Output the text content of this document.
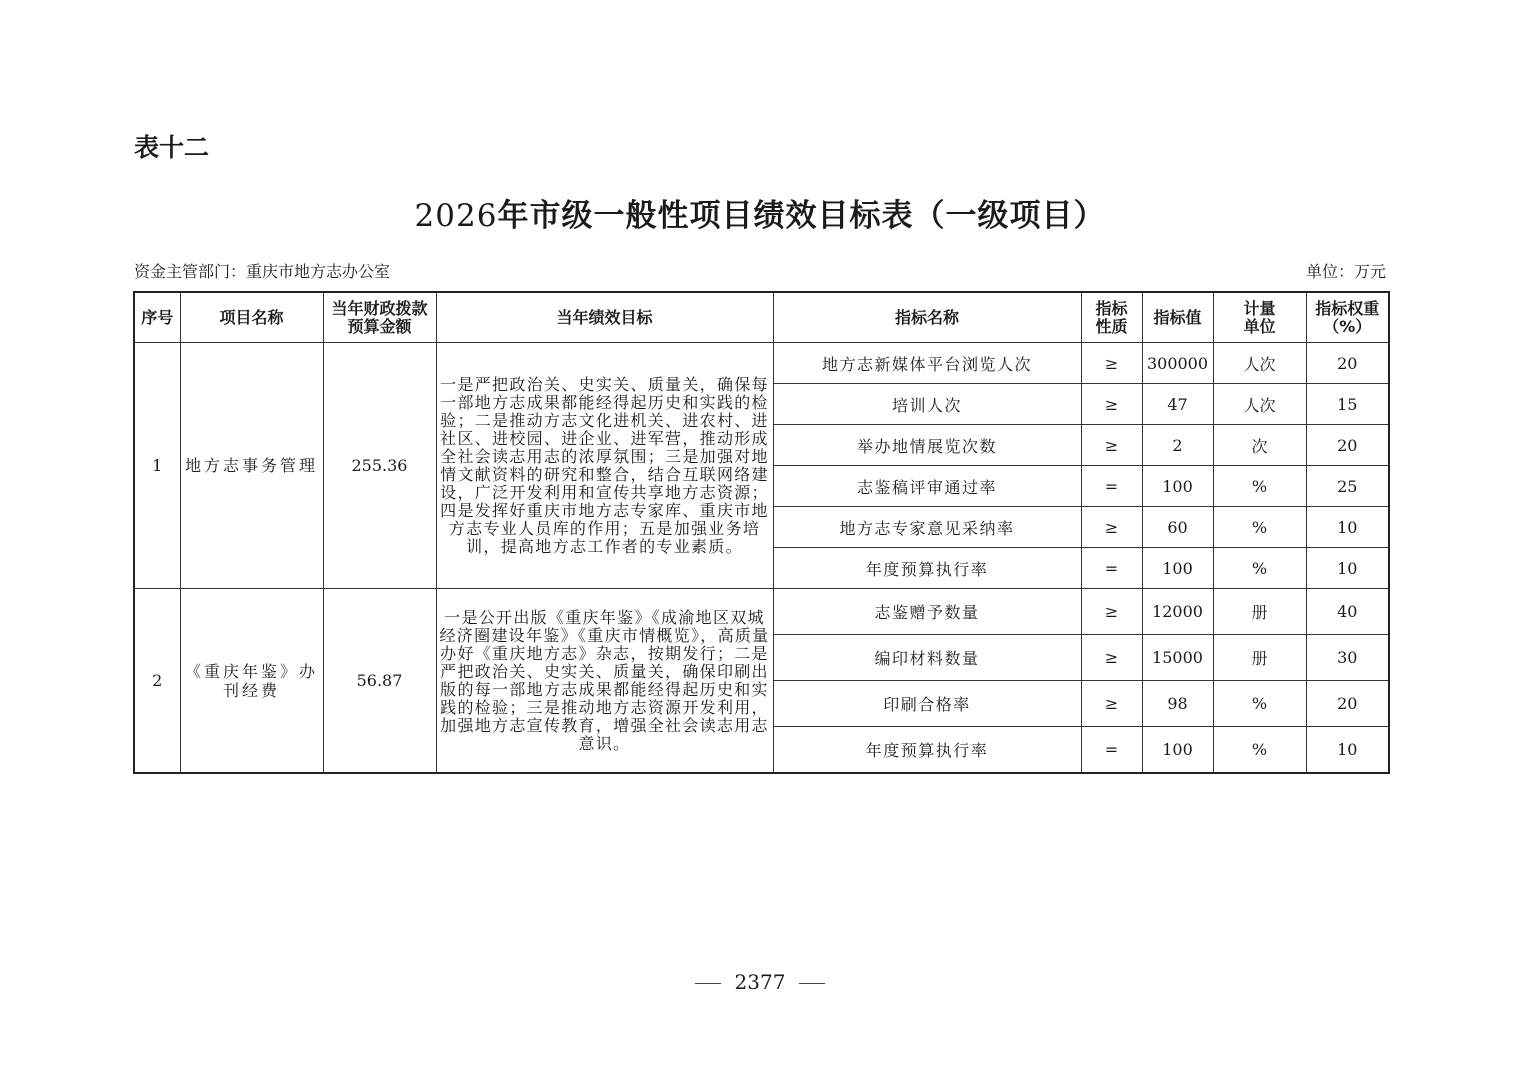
表十二
2026年市级一般性项目绩效目标表（一级项目）
资金主管部门：重庆市地方志办公室	单位：万元
序号	项目名称	当年财政拨款预算金额	当年绩效目标	指标名称	指标性质	指标值	计量单位	指标权重（%）
1	地方志事务管理	255.36	一是严把政治关、史实关、质量关，确保每一部地方志成果都能经得起历史和实践的检验；二是推动方志文化进机关、进农村、进社区、进校园、进企业、进军营，推动形成全社会读志用志的浓厚氛围；三是加强对地情文献资料的研究和整合，结合互联网络建设，广泛开发利用和宣传共享地方志资源；四是发挥好重庆市地方志专家库、重庆市地方志专业人员库的作用；五是加强业务培训，提高地方志工作者的专业素质。	地方志新媒体平台浏览人次	≥	300000	人次	20
				培训人次	≥	47	人次	15
				举办地情展览次数	≥	2	次	20
				志鉴稿评审通过率	=	100	%	25
				地方志专家意见采纳率	≥	60	%	10
				年度预算执行率	=	100	%	10
2	《重庆年鉴》办刊经费	56.87	一是公开出版《重庆年鉴》《成渝地区双城经济圈建设年鉴》《重庆市情概览》，高质量办好《重庆地方志》杂志，按期发行；二是严把政治关、史实关、质量关，确保印刷出版的每一部地方志成果都能经得起历史和实践的检验；三是推动地方志资源开发利用，加强地方志宣传教育，增强全社会读志用志意识。	志鉴赠予数量	≥	12000	册	40
				编印材料数量	≥	15000	册	30
				印刷合格率	≥	98	%	20
				年度预算执行率	=	100	%	10
2377
